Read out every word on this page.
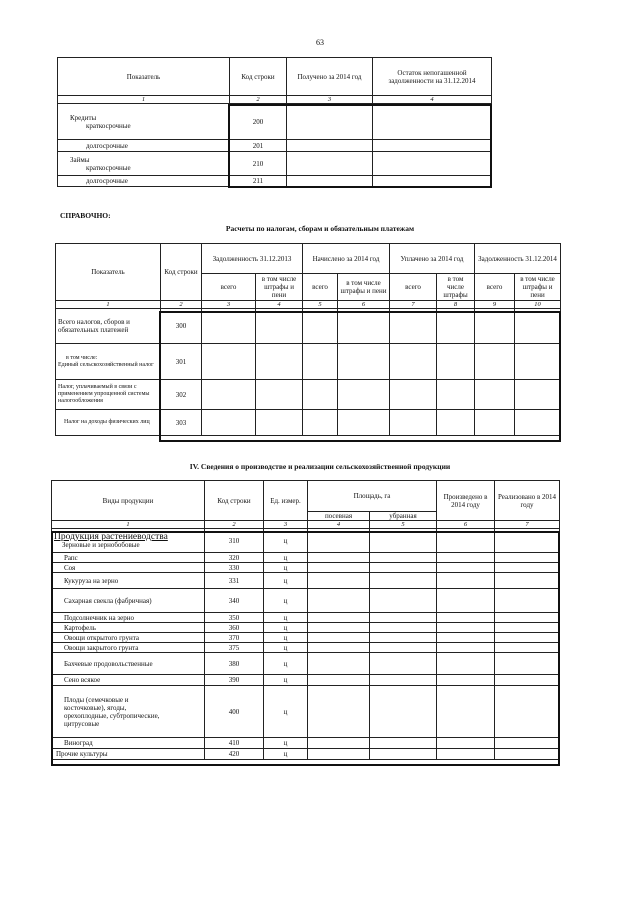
63
Показатель	Код строки	Получено за 2014 год	Остаток непогашенной задолженности на 31.12.2014
1	2	3	4

Кредиты
краткосрочные	200		
долгосрочные	201		

Займы
краткосрочные	210		
долгосрочные	211		
СПРАВОЧНО:
Расчеты по налогам, сборам и обязательным платежам
Показатель	Код строки	Задолженность 31.12.2013		Начислено за 2014 год		Уплачено за 2014 год		Задолженность 31.12.2014	
		всего	в том числе штрафы и пени	всего	в том числе штрафы и пени	всего	в том числе штрафы	всего	в том числе штрафы и пени
1	2	3	4	5	6	7	8	9	10
Всего налогов, сборов и обязательных платежей	300								

в том числе:
Единый сельскохозяйственный налог	301								
Налог, уплачиваемый в связи с применением упрощенной системы налогообложения	302								
Налог на доходы физических лиц	303								
IV. Сведения о производстве и реализации сельскохозяйственной продукции
Виды продукции	Код строки	Ед. измер.	Площадь, га		Произведено в 2014 году	Реализовано в 2014 году
			посевная	убранная		
1	2	3	4	5	6	7

Продукция растениеводства
Зерновые и зернобобовые	310	ц				
Рапс	320	ц				
Соя	330	ц				
Кукуруза на зерно	331	ц				
Сахарная свекла (фабричная)	340	ц				
Подсолнечник на зерно	350	ц				
Картофель	360	ц				
Овощи открытого грунта	370	ц				
Овощи закрытого грунта	375	ц				
Бахчевые продовольственные	380	ц				
Сено всякое	390	ц				
Плоды (семечковые и косточковые), ягоды, орехоплодные, субтропические, цитрусовые	400	ц				
Виноград	410	ц				
Прочие культуры	420	ц				
